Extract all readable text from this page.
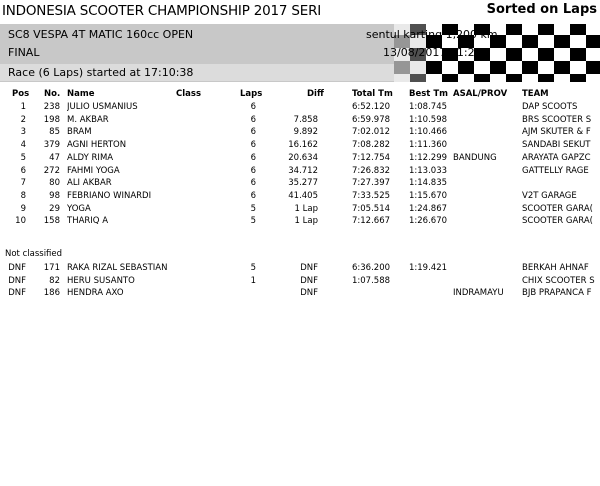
INDONESIA SCOOTER CHAMPIONSHIP 2017 SERI	Sorted on Laps
SC8 VESPA 4T MATIC 160cc OPEN	sentul karting 1,200 km
FINAL	13/08/2017 21:21
Race (6 Laps) started at 17:10:38
Pos No. Name	Class	Laps	Diff	Total Tm Best Tm ASAL/PROV TEAM
1	238 JULIO USMANIUS	6	6:52.120	1:08.745	DAP SCOOTS
2	198 M. AKBAR	6	7.858	6:59.978	1:10.598	BRS SCOOTER S
3	85 BRAM	6	9.892	7:02.012	1:10.466	AJM SKUTER & F
4	379 AGNI HERTON	6	16.162	7:08.282	1:11.360	SANDABI SEKUT
5	47 ALDY RIMA	6	20.634	7:12.754	1:12.299 BANDUNG	ARAYATA GAPZC
6	272 FAHMI YOGA	6	34.712	7:26.832	1:13.033	GATTELLY RAGE
7	80 ALI AKBAR	6	35.277	7:27.397	1:14.835
8	98 FEBRIANO WINARDI	6	41.405	7:33.525	1:15.670	V2T GARAGE
9	29 YOGA	5	1 Lap	7:05.514	1:24.867	SCOOTER GARA(
10	158 THARIQ A	5	1 Lap	7:12.667	1:26.670	SCOOTER GARA(
Not classified
DNF	171 RAKA RIZAL SEBASTIAN	5	DNF	6:36.200	1:19.421	BERKAH AHNAF
DNF	82 HERU SUSANTO	1	DNF	1:07.588	CHIX SCOOTER S
DNF	186 HENDRA AXO	DNF	INDRAMAYU	BJB PRAPANCA F
